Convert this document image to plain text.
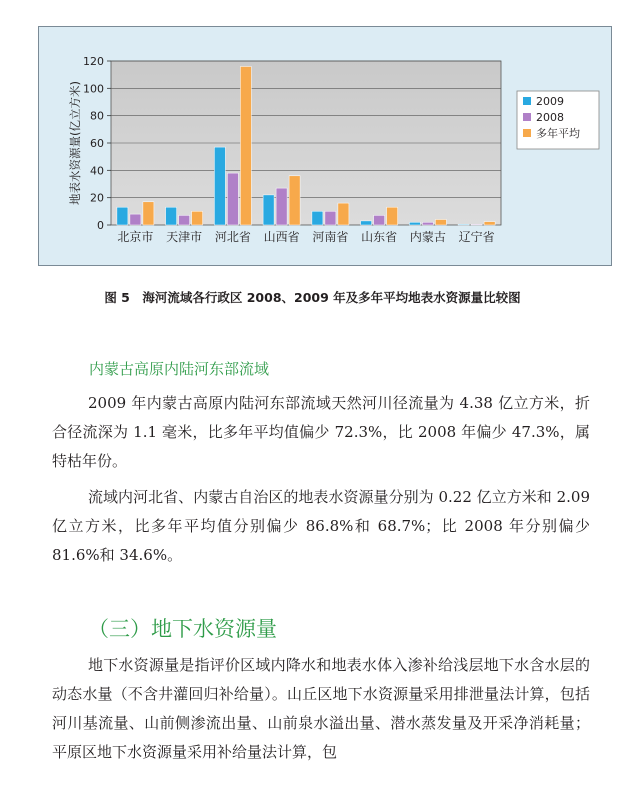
0
20
40
60
80
100
120
地表水资源量(亿立方米)
北京市 天津市 河北省 山西省 河南省 山东省 内蒙古 辽宁省
2009
2008
多年平均
图 5　海河流域各行政区 2008、2009 年及多年平均地表水资源量比较图
内蒙古高原内陆河东部流域

2009 年内蒙古高原内陆河东部流域天然河川径流量为 4.38 亿立方米，折合径流深为 1.1 毫米，比多年平均值偏少 72.3%，比 2008 年偏少 47.3%，属特枯年份。

流域内河北省、内蒙古自治区的地表水资源量分别为 0.22 亿立方米和 2.09 亿立方米，比多年平均值分别偏少 86.8%和 68.7%；比 2008 年分别偏少 81.6%和 34.6%。

（三）地下水资源量

地下水资源量是指评价区域内降水和地表水体入渗补给浅层地下水含水层的动态水量（不含井灌回归补给量）。山丘区地下水资源量采用排泄量法计算，包括河川基流量、山前侧渗流出量、山前泉水溢出量、潜水蒸发量及开采净消耗量；平原区地下水资源量采用补给量法计算，包
